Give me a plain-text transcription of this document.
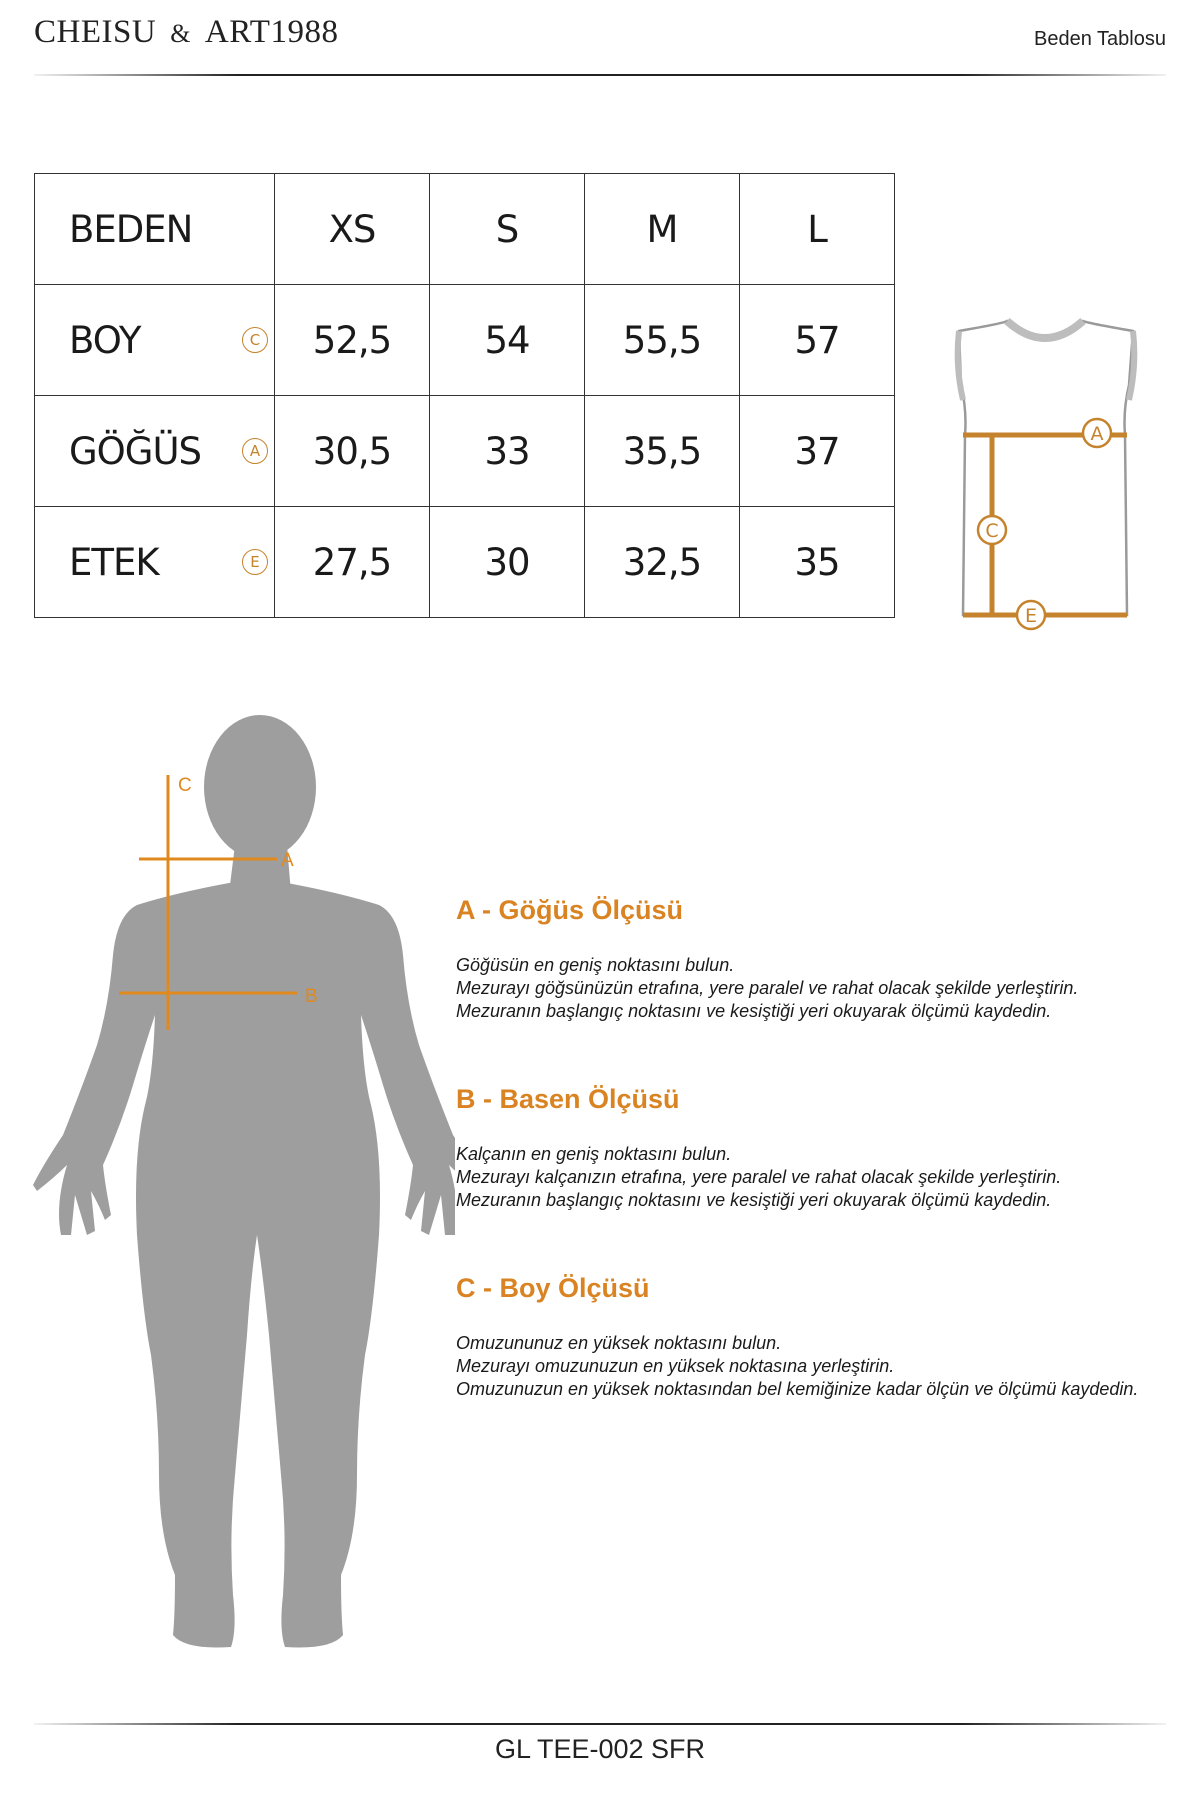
CHEISU & ART1988	Beden Tablosu
BEDEN	XS	S	M	L
BOY C	52,5	54	55,5	57
GÖĞÜS A	30,5	33	35,5	37
ETEK E	27,5	30	32,5	35
A
C
E
C
A
B
A - Göğüs Ölçüsü
Göğüsün en geniş noktasını bulun.
Mezurayı göğsünüzün etrafına, yere paralel ve rahat olacak şekilde yerleştirin.
Mezuranın başlangıç noktasını ve kesiştiği yeri okuyarak ölçümü kaydedin.
B - Basen Ölçüsü
Kalçanın en geniş noktasını bulun.
Mezurayı kalçanızın etrafına, yere paralel ve rahat olacak şekilde yerleştirin.
Mezuranın başlangıç noktasını ve kesiştiği yeri okuyarak ölçümü kaydedin.
C - Boy Ölçüsü
Omuzununuz en yüksek noktasını bulun.
Mezurayı omuzunuzun en yüksek noktasına yerleştirin.
Omuzunuzun en yüksek noktasından bel kemiğinize kadar ölçün ve ölçümü kaydedin.
GL TEE-002 SFR
